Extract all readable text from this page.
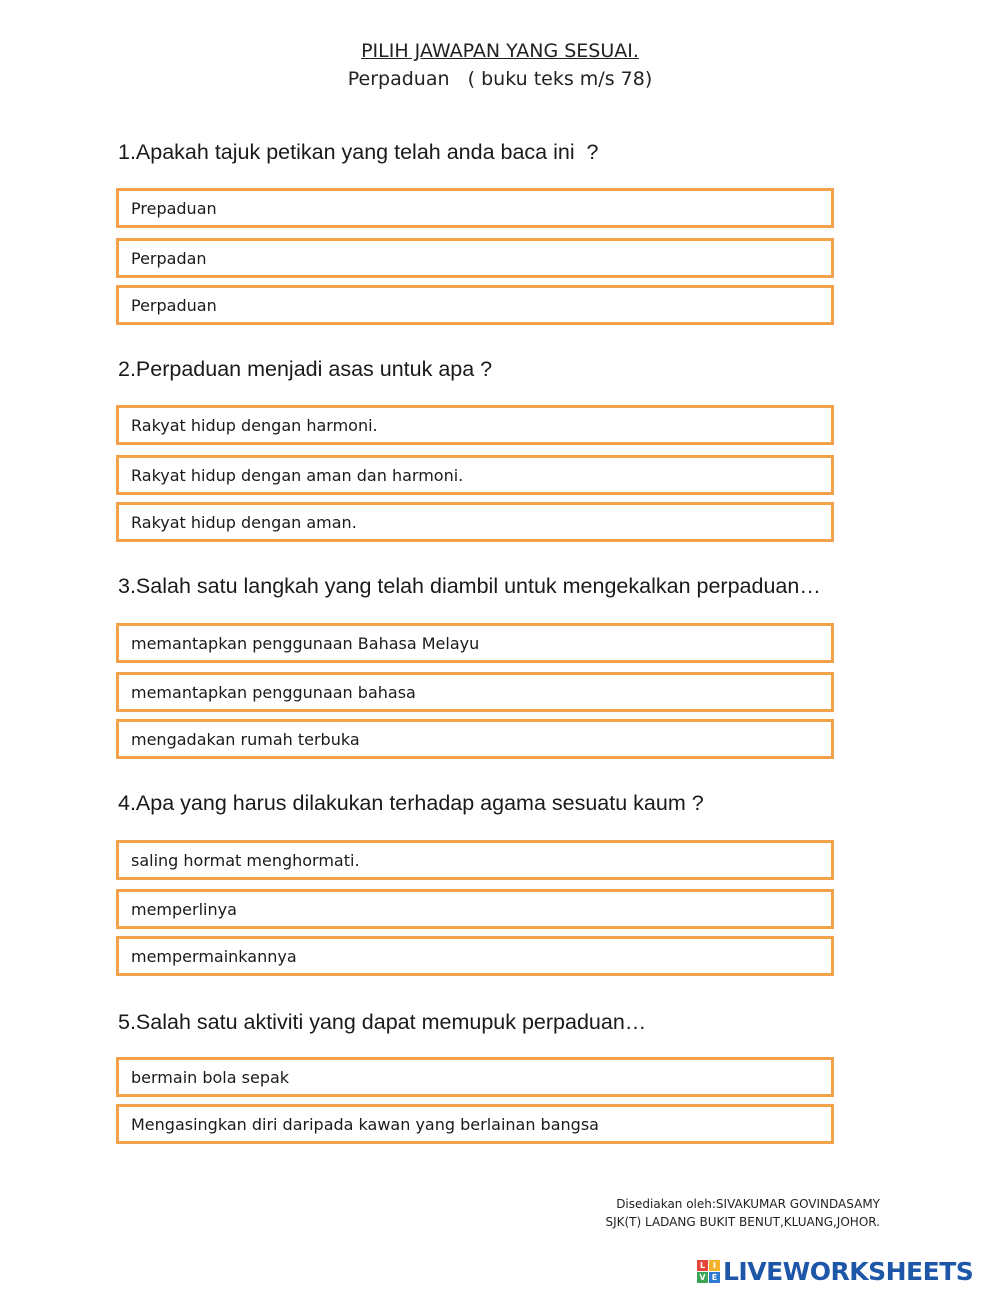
PILIH JAWAPAN YANG SESUAI.
Perpaduan   ( buku teks m/s 78)
1.Apakah tajuk petikan yang telah anda baca ini  ?
Prepaduan
Perpadan
Perpaduan
2.Perpaduan menjadi asas untuk apa ?
Rakyat hidup dengan harmoni.
Rakyat hidup dengan aman dan harmoni.
Rakyat hidup dengan aman.
3.Salah satu langkah yang telah diambil untuk mengekalkan perpaduan…
memantapkan penggunaan Bahasa Melayu
memantapkan penggunaan bahasa
mengadakan rumah terbuka
4.Apa yang harus dilakukan terhadap agama sesuatu kaum ?
saling hormat menghormati.
memperlinya
mempermainkannya
5.Salah satu aktiviti yang dapat memupuk perpaduan…
bermain bola sepak
Mengasingkan diri daripada kawan yang berlainan bangsa
Disediakan oleh:SIVAKUMAR GOVINDASAMY
SJK(T) LADANG BUKIT BENUT,KLUANG,JOHOR.
L I
V E LIVEWORKSHEETS
